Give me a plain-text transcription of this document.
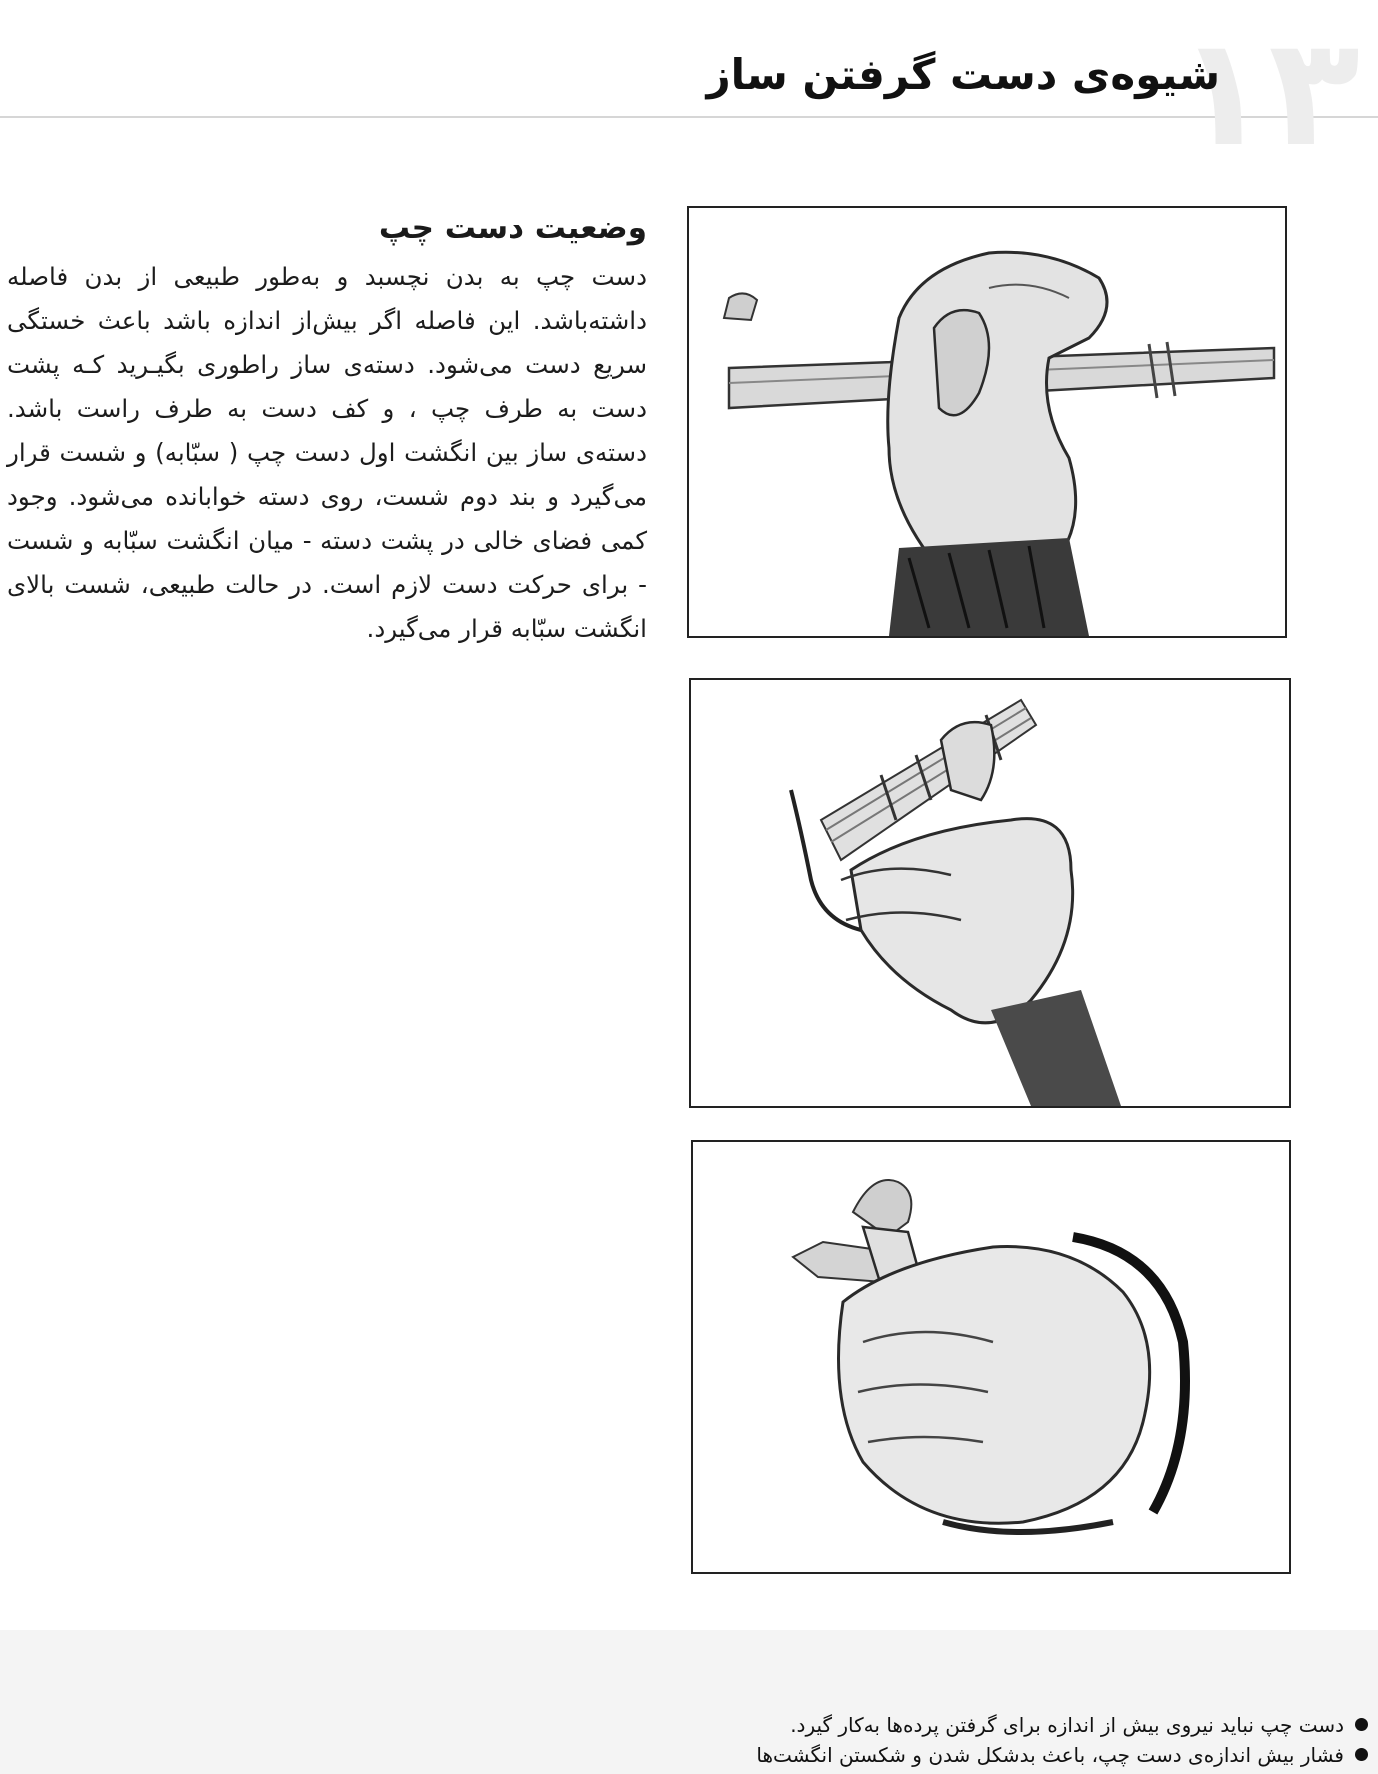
۱۳
شیوه‌ی دست گرفتن ساز
وضعیت دست چپ

دست چپ به بدن نچسبد و به‌طور طبیعی از بدن فاصله داشته‌باشد. این فاصله اگر بیش‌از اندازه باشد باعث خستگی سریع دست می‌شود. دسته‌ی ساز راطوری بگیـرید کـه پشت دست به طرف چپ ، و کف دست به طرف راست باشد. دسته‌ی ساز بین انگشت اول دست چپ ( سبّابه) و شست قرار می‌گیرد و بند دوم شست، روی دسته خوابانده می‌شود. وجود کمی فضای خالی در پشت دسته - میان انگشت سبّابه و شست - برای حرکت دست لازم است. در حالت طبیعی، شست بالای انگشت سبّابه قرار می‌گیرد.

دست چپ نباید نیروی بیش از اندازه برای گرفتن پرده‌ها به‌کار گیرد.
فشار بیش اندازه‌ی دست چپ، باعث بدشکل شدن و شکستن انگشت‌ها
